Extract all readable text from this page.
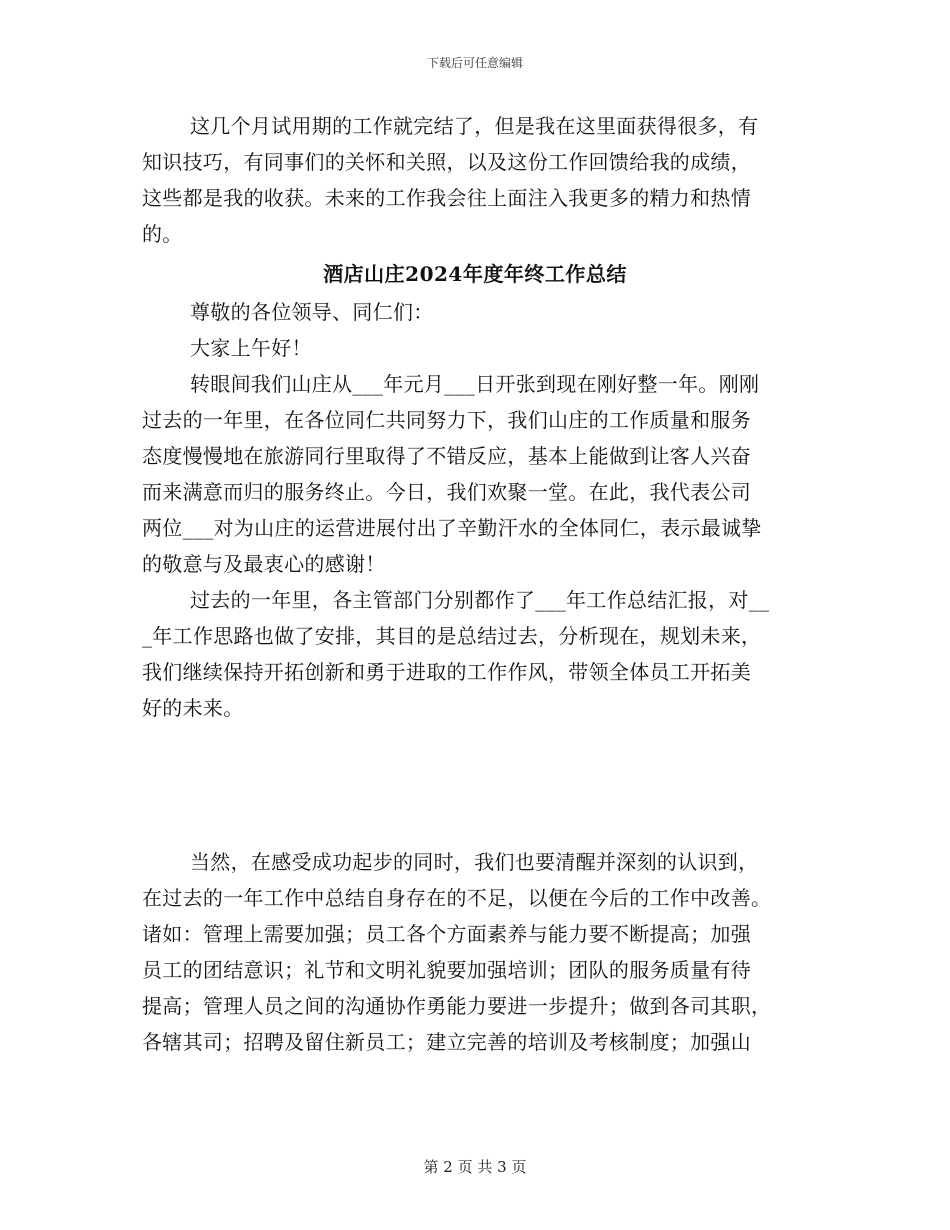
下载后可任意编辑
这几个月试用期的工作就完结了，但是我在这里面获得很多，有
知识技巧，有同事们的关怀和关照，以及这份工作回馈给我的成绩，
这些都是我的收获。未来的工作我会往上面注入我更多的精力和热情
的。
酒店山庄2024年度年终工作总结
尊敬的各位领导、同仁们：
大家上午好！
转眼间我们山庄从___年元月___日开张到现在刚好整一年。刚刚
过去的一年里，在各位同仁共同努力下，我们山庄的工作质量和服务
态度慢慢地在旅游同行里取得了不错反应，基本上能做到让客人兴奋
而来满意而归的服务终止。今日，我们欢聚一堂。在此，我代表公司
两位___对为山庄的运营进展付出了辛勤汗水的全体同仁，表示最诚挚
的敬意与及最衷心的感谢！
过去的一年里，各主管部门分别都作了___年工作总结汇报，对__
_年工作思路也做了安排，其目的是总结过去，分析现在，规划未来，
我们继续保持开拓创新和勇于进取的工作作风，带领全体员工开拓美
好的未来。
当然，在感受成功起步的同时，我们也要清醒并深刻的认识到，
在过去的一年工作中总结自身存在的不足，以便在今后的工作中改善。
诸如：管理上需要加强；员工各个方面素养与能力要不断提高；加强
员工的团结意识；礼节和文明礼貌要加强培训；团队的服务质量有待
提高；管理人员之间的沟通协作勇能力要进一步提升；做到各司其职，
各辖其司；招聘及留住新员工；建立完善的培训及考核制度；加强山
第 2 页 共 3 页
